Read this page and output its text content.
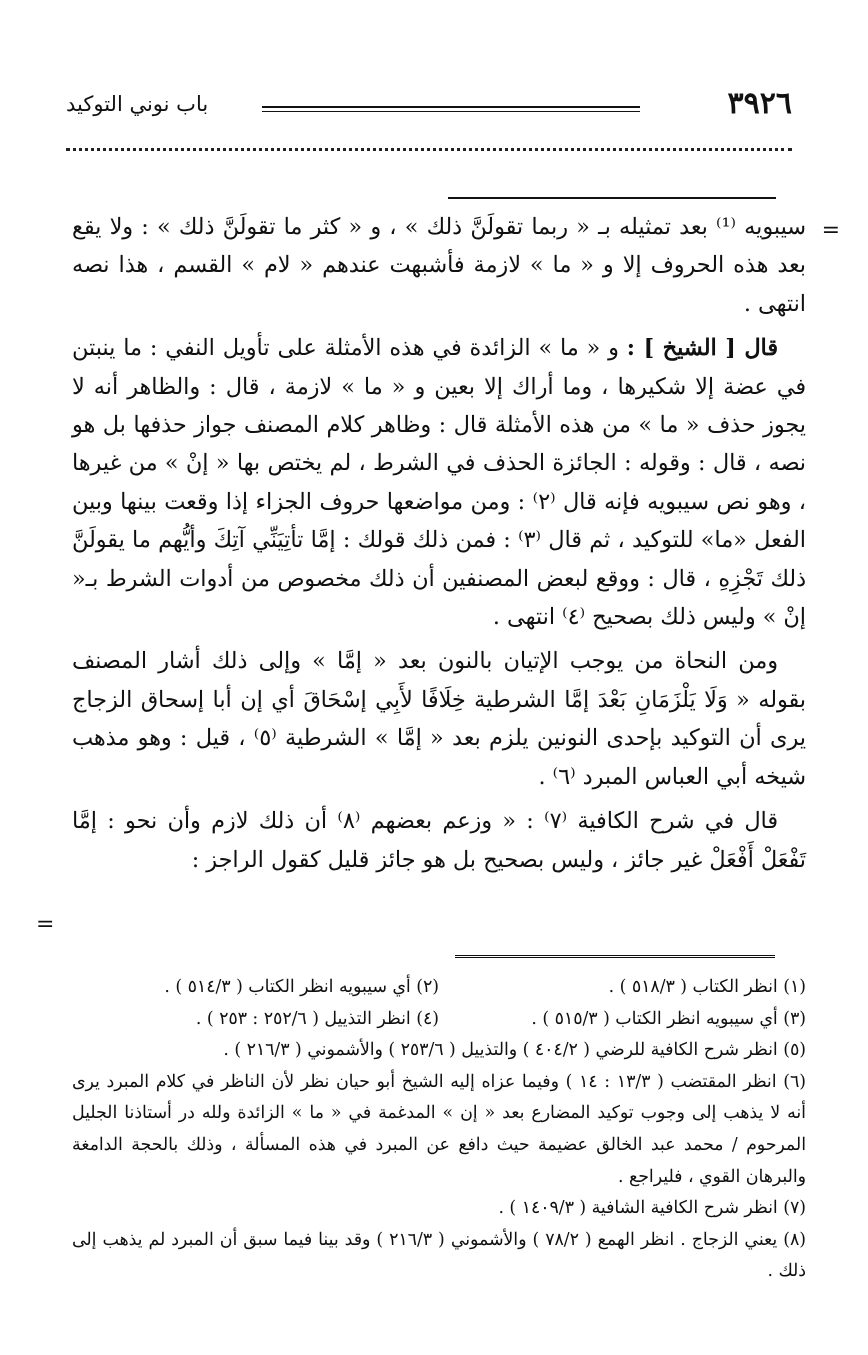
٣٩٢٦
باب نوني التوكيد
=
=

سيبويه ⁽¹⁾ بعد تمثيله بـ « ربما تقولَنَّ ذلك » ، و « كثر ما تقولَنَّ ذلك » : ولا يقع بعد هذه الحروف إلا و « ما » لازمة فأشبهت عندهم « لام » القسم ، هذا نصه انتهى .

قال [ الشيخ ] : و « ما » الزائدة في هذه الأمثلة على تأويل النفي : ما ينبتن في عضة إلا شكيرها ، وما أراك إلا بعين و « ما » لازمة ، قال : والظاهر أنه لا يجوز حذف « ما » من هذه الأمثلة قال : وظاهر كلام المصنف جواز حذفها بل هو نصه ، قال : وقوله : الجائزة الحذف في الشرط ، لم يختص بها « إنْ » من غيرها ، وهو نص سيبويه فإنه قال ⁽٢⁾ : ومن مواضعها حروف الجزاء إذا وقعت بينها وبين الفعل «ما» للتوكيد ، ثم قال ⁽٣⁾ : فمن ذلك قولك : إمَّا تأتِيَنِّي آتِكَ وأيُّهم ما يقولَنَّ ذلك تَجْزِهِ ، قال : ووقع لبعض المصنفين أن ذلك مخصوص من أدوات الشرط بـ« إنْ » وليس ذلك بصحيح ⁽٤⁾ انتهى .

ومن النحاة من يوجب الإتيان بالنون بعد « إمَّا » وإلى ذلك أشار المصنف بقوله « وَلَا يَلْزَمَانِ بَعْدَ إمَّا الشرطية خِلَافًا لأَبِي إسْحَاقَ أي إن أبا إسحاق الزجاج يرى أن التوكيد بإحدى النونين يلزم بعد « إمَّا » الشرطية ⁽٥⁾ ، قيل : وهو مذهب شيخه أبي العباس المبرد ⁽٦⁾ .

قال في شرح الكافية ⁽٧⁾ : « وزعم بعضهم ⁽٨⁾ أن ذلك لازم وأن نحو : إمَّا تَفْعَلْ أَفْعَلْ غير جائز ، وليس بصحيح بل هو جائز قليل كقول الراجز :

(١) انظر الكتاب ( ٥١٨/٣ ) .
(٢) أي سيبويه انظر الكتاب ( ٥١٤/٣ ) .
(٣) أي سيبويه انظر الكتاب ( ٥١٥/٣ ) .
(٤) انظر التذييل ( ٢٥٢/٦ : ٢٥٣ ) .

(٥) انظر شرح الكافية للرضي ( ٤٠٤/٢ ) والتذييل ( ٢٥٣/٦ ) والأشموني ( ٢١٦/٣ ) .

(٦) انظر المقتضب ( ١٣/٣ : ١٤ ) وفيما عزاه إليه الشيخ أبو حيان نظر لأن الناظر في كلام المبرد يرى أنه لا يذهب إلى وجوب توكيد المضارع بعد « إن » المدغمة في « ما » الزائدة ولله در أستاذنا الجليل المرحوم / محمد عبد الخالق عضيمة حيث دافع عن المبرد في هذه المسألة ، وذلك بالحجة الدامغة والبرهان القوي ، فليراجع .

(٧) انظر شرح الكافية الشافية ( ١٤٠٩/٣ ) .

(٨) يعني الزجاج . انظر الهمع ( ٧٨/٢ ) والأشموني ( ٢١٦/٣ ) وقد بينا فيما سبق أن المبرد لم يذهب إلى ذلك .
